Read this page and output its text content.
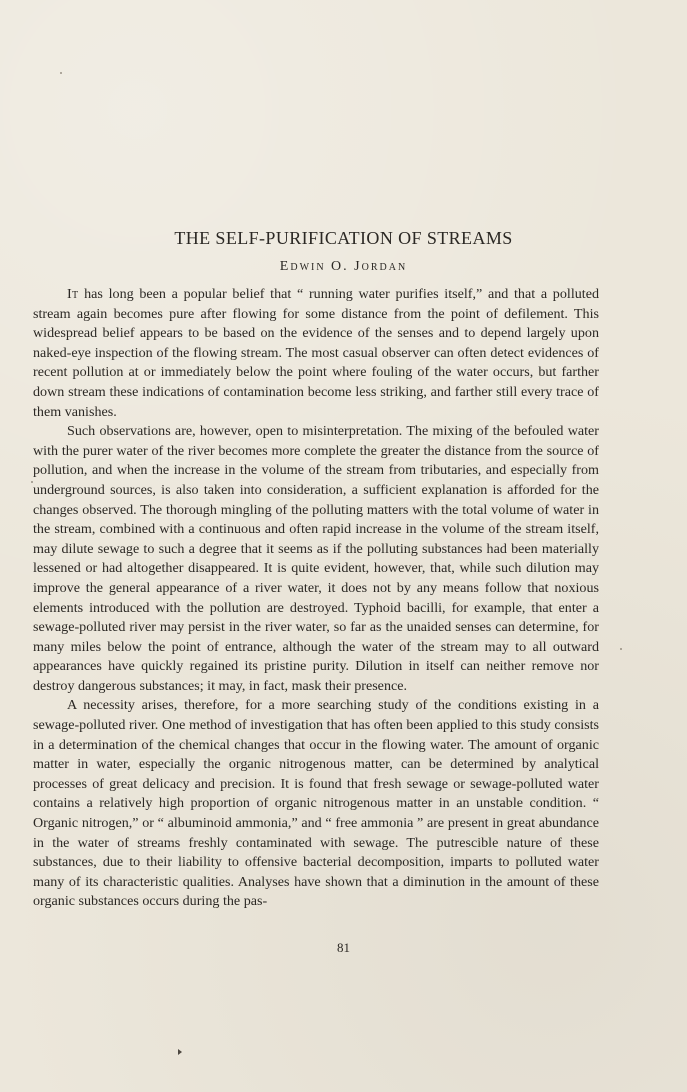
THE SELF-PURIFICATION OF STREAMS
Edwin O. Jordan

It has long been a popular belief that “ running water purifies itself,” and that a polluted stream again becomes pure after flowing for some distance from the point of defilement. This widespread belief appears to be based on the evidence of the senses and to depend largely upon naked-eye inspection of the flowing stream. The most casual observer can often detect evidences of recent pollution at or immediately below the point where fouling of the water occurs, but farther down stream these indications of contamination become less striking, and farther still every trace of them vanishes.

Such observations are, however, open to misinterpretation. The mixing of the befouled water with the purer water of the river becomes more complete the greater the distance from the source of pollution, and when the increase in the volume of the stream from tributaries, and especially from underground sources, is also taken into consideration, a sufficient explanation is afforded for the changes observed. The thorough mingling of the polluting matters with the total volume of water in the stream, combined with a continuous and often rapid increase in the volume of the stream itself, may dilute sewage to such a degree that it seems as if the polluting substances had been materially lessened or had altogether disappeared. It is quite evident, however, that, while such dilution may improve the general appearance of a river water, it does not by any means follow that noxious elements introduced with the pollution are destroyed. Typhoid bacilli, for example, that enter a sewage-polluted river may persist in the river water, so far as the unaided senses can determine, for many miles below the point of entrance, although the water of the stream may to all outward appearances have quickly regained its pristine purity. Dilution in itself can neither remove nor destroy dangerous substances; it may, in fact, mask their presence.

A necessity arises, therefore, for a more searching study of the conditions existing in a sewage-polluted river. One method of investigation that has often been applied to this study consists in a determination of the chemical changes that occur in the flowing water. The amount of organic matter in water, especially the organic nitrogenous matter, can be determined by analytical processes of great delicacy and precision. It is found that fresh sewage or sewage-polluted water contains a relatively high proportion of organic nitrogenous matter in an unstable condition. “ Organic nitrogen,” or “ albuminoid ammonia,” and “ free ammonia ” are present in great abundance in the water of streams freshly contaminated with sewage. The putrescible nature of these substances, due to their liability to offensive bacterial decomposition, imparts to polluted water many of its characteristic qualities. Analyses have shown that a diminution in the amount of these organic substances occurs during the pas-

81
